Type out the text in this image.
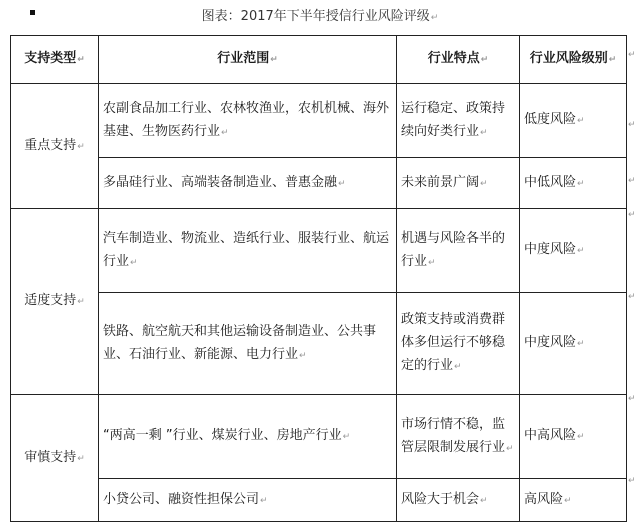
图表：2017年下半年授信行业风险评级↵
支持类型↵	行业范围↵	行业特点↵	行业风险级别↵
重点支持↵	农副食品加工行业、农林牧渔业，农机机械、海外基建、生物医药行业↵	运行稳定、政策持续向好类行业↵	低度风险↵
	多晶硅行业、高端装备制造业、普惠金融↵	未来前景广阔↵	中低风险↵
适度支持↵	汽车制造业、物流业、造纸行业、服装行业、航运行业↵	机遇与风险各半的行业↵	中度风险↵
	铁路、航空航天和其他运输设备制造业、公共事业、石油行业、新能源、电力行业↵	政策支持或消费群体多但运行不够稳定的行业↵	中度风险↵
审慎支持↵	“两高一剩 ”行业、煤炭行业、房地产行业↵	市场行情不稳，监管层限制发展行业↵	中高风险↵
	小贷公司、融资性担保公司↵	风险大于机会↵	高风险↵
↵
↵
↵
↵
↵
↵
↵
